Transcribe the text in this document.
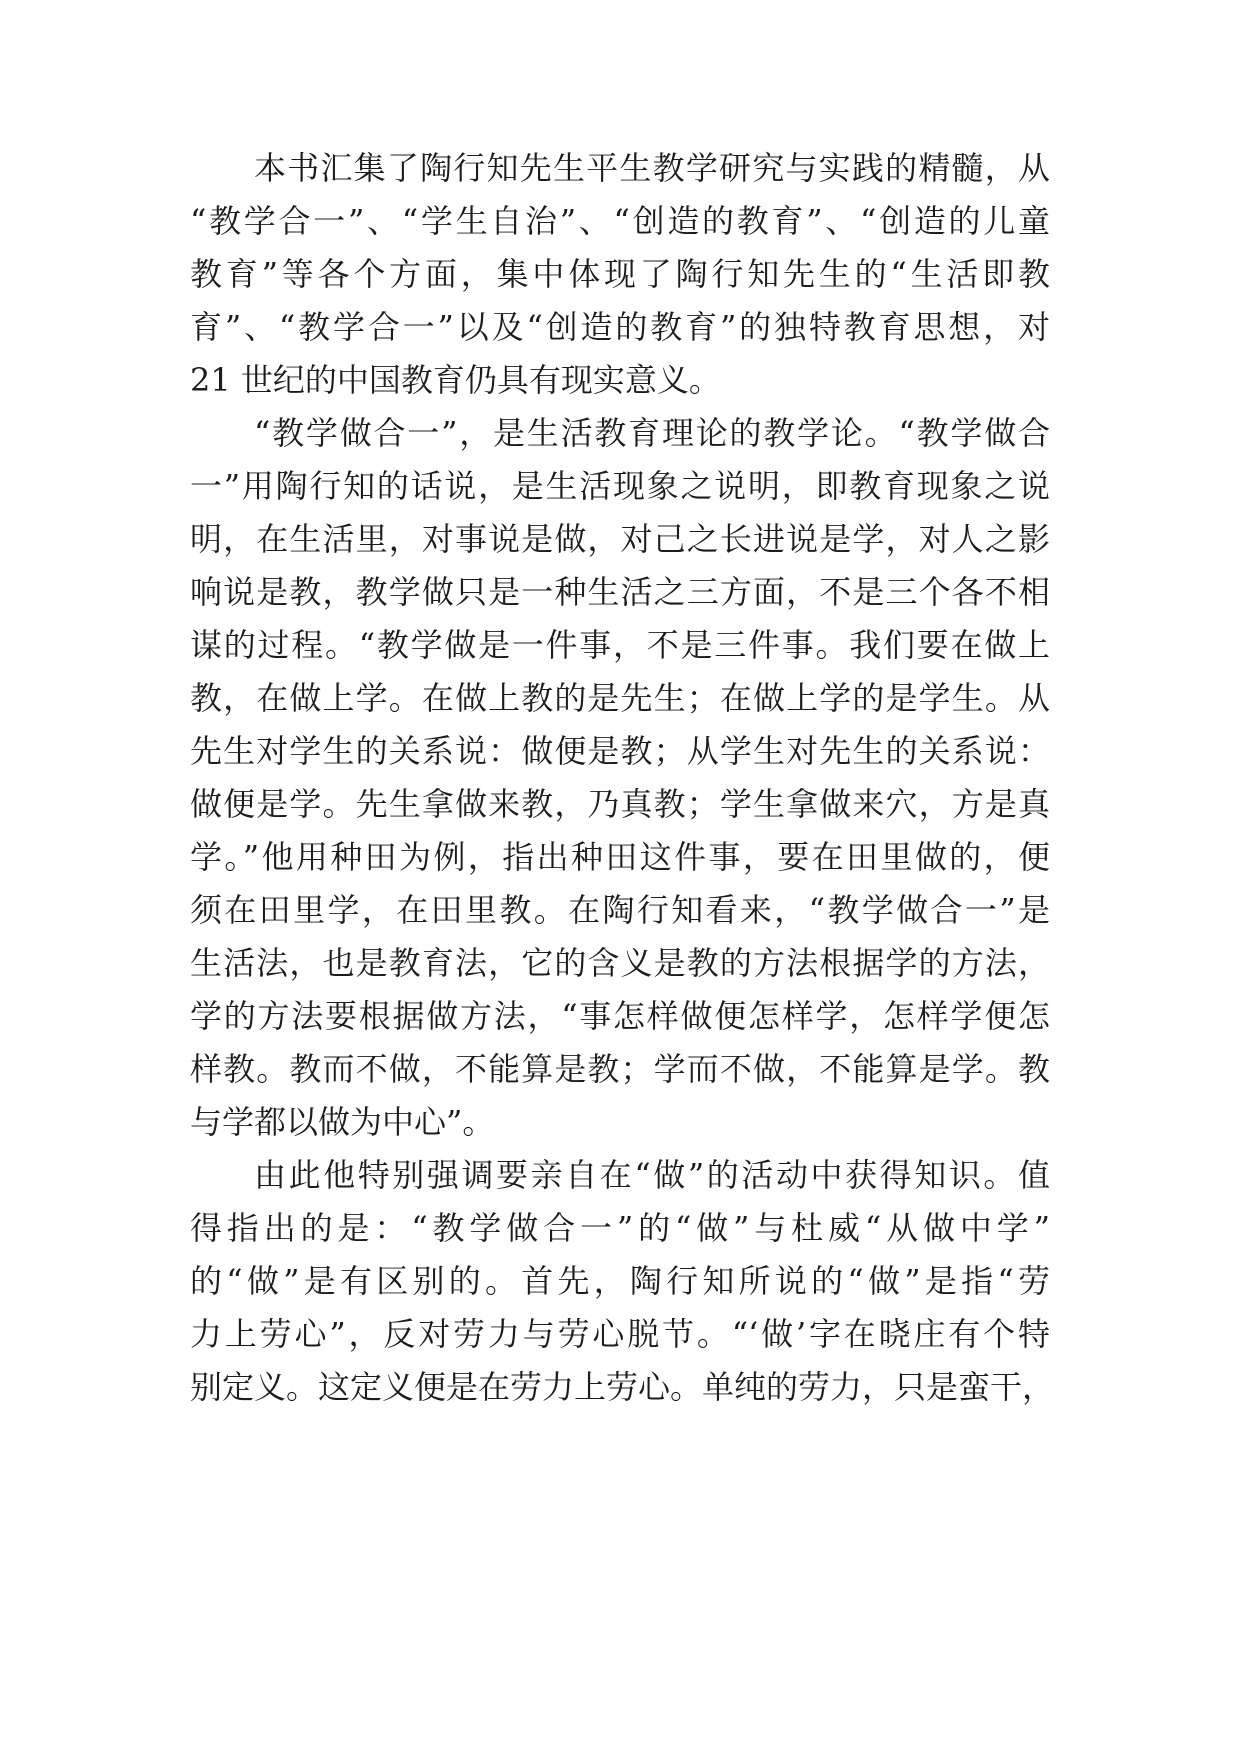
本书汇集了陶行知先生平生教学研究与实践的精髓，从
“教学合一”、“学生自治”、“创造的教育”、“创造的儿童
教育”等各个方面，集中体现了陶行知先生的“生活即教
育”、“教学合一”以及“创造的教育”的独特教育思想，对
21 世纪的中国教育仍具有现实意义。
“教学做合一”，是生活教育理论的教学论。“教学做合
一”用陶行知的话说，是生活现象之说明，即教育现象之说
明，在生活里，对事说是做，对己之长进说是学，对人之影
响说是教，教学做只是一种生活之三方面，不是三个各不相
谋的过程。“教学做是一件事，不是三件事。我们要在做上
教，在做上学。在做上教的是先生；在做上学的是学生。从
先生对学生的关系说：做便是教；从学生对先生的关系说：
做便是学。先生拿做来教，乃真教；学生拿做来穴，方是真
学。”他用种田为例，指出种田这件事，要在田里做的，便
须在田里学，在田里教。在陶行知看来，“教学做合一”是
生活法，也是教育法，它的含义是教的方法根据学的方法，
学的方法要根据做方法，“事怎样做便怎样学，怎样学便怎
样教。教而不做，不能算是教；学而不做，不能算是学。教
与学都以做为中心”。
由此他特别强调要亲自在“做”的活动中获得知识。值
得指出的是：“教学做合一”的“做”与杜威“从做中学”
的“做”是有区别的。首先，陶行知所说的“做”是指“劳
力上劳心”，反对劳力与劳心脱节。“‘做’字在晓庄有个特
别定义。这定义便是在劳力上劳心。单纯的劳力，只是蛮干，
